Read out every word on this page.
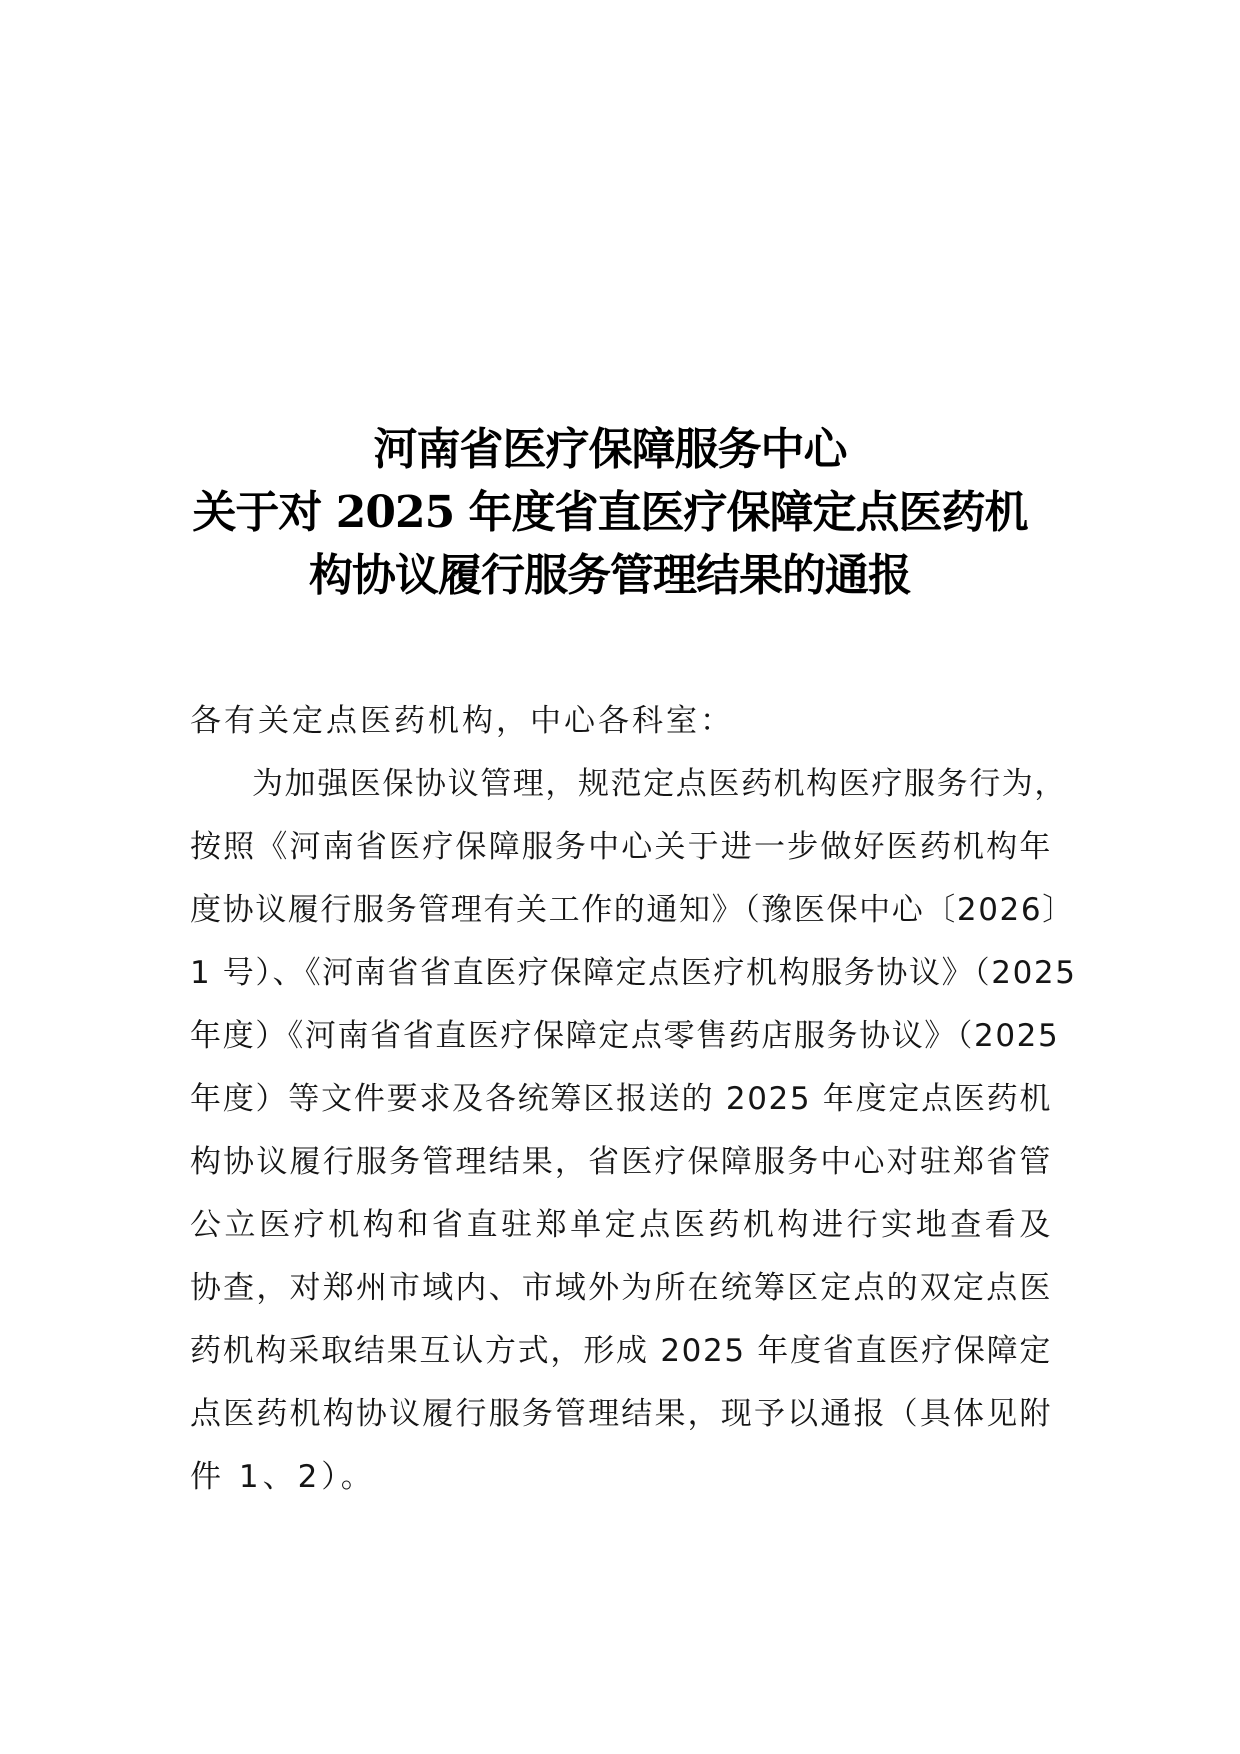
河南省医疗保障服务中心
关于对 2025 年度省直医疗保障定点医药机
构协议履行服务管理结果的通报
各有关定点医药机构，中心各科室：
为加强医保协议管理，规范定点医药机构医疗服务行为，
按照《河南省医疗保障服务中心关于进一步做好医药机构年
度协议履行服务管理有关工作的通知》（豫医保中心〔2026〕
1 号）、《河南省省直医疗保障定点医疗机构服务协议》（2025
年度）《河南省省直医疗保障定点零售药店服务协议》（2025
年度）等文件要求及各统筹区报送的 2025 年度定点医药机
构协议履行服务管理结果，省医疗保障服务中心对驻郑省管
公立医疗机构和省直驻郑单定点医药机构进行实地查看及
协查，对郑州市域内、市域外为所在统筹区定点的双定点医
药机构采取结果互认方式，形成 2025 年度省直医疗保障定
点医药机构协议履行服务管理结果，现予以通报（具体见附
件 1、2）。
